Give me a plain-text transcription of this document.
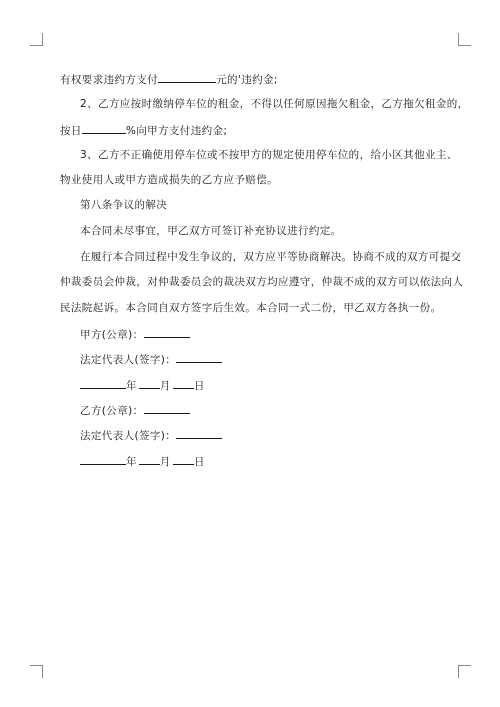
有权要求违约方支付	元的'违约金;
2、乙方应按时缴纳停车位的租金，不得以任何原因拖欠租金，乙方拖欠租金的，
按日	%向甲方支付违约金;
3、乙方不正确使用停车位或不按甲方的规定使用停车位的，给小区其他业主、
物业使用人或甲方造成损失的乙方应予赔偿。
第八条争议的解决
本合同未尽事宜，甲乙双方可签订补充协议进行约定。
在履行本合同过程中发生争议的，双方应平等协商解决。协商不成的双方可提交
仲裁委员会仲裁，对仲裁委员会的裁决双方均应遵守，仲裁不成的双方可以依法向人
民法院起诉。本合同自双方签字后生效。本合同一式二份，甲乙双方各执一份。
甲方(公章)：
法定代表人(签字)：
年 月 日
乙方(公章)：
法定代表人(签字)：
年 月 日
